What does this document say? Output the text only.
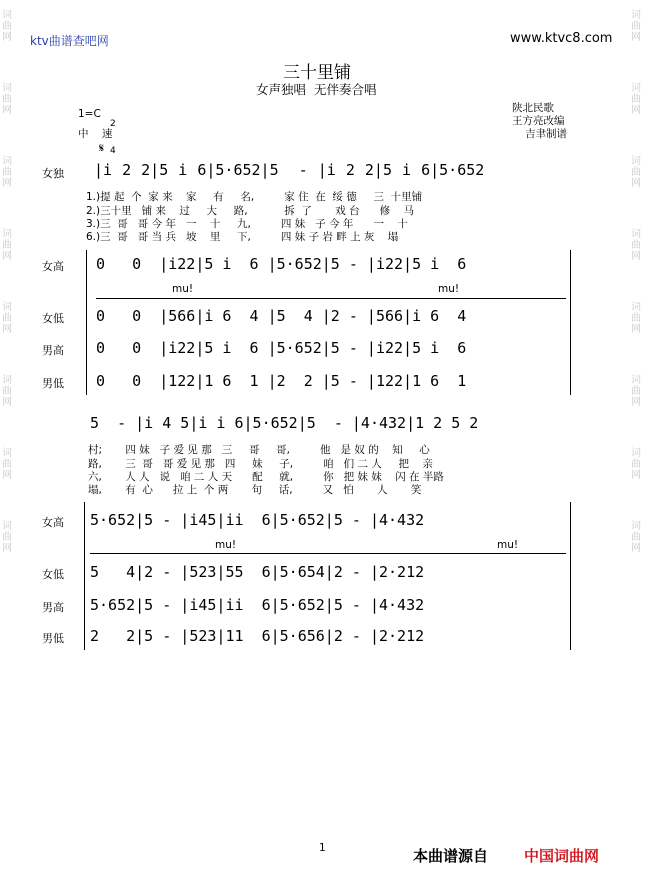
词曲网
词曲网
词曲网
词曲网
词曲网
词曲网
词曲网
词曲网
词曲网
词曲网
词曲网
词曲网
词曲网
词曲网
词曲网
词曲网
ktv曲谱查吧网	www.ktvc8.com
三十里铺
女声独唱  无伴奏合唱
1=C

2

4

中    速
𝄋
陕北民歌
王方亮改编
吉聿制谱
女独 |i 2 2|5 i 6|5·652|5  - |i 2 2|5 i 6|5·652
1.)提 起  个  家 来    家     有     名,         家 住  在  绥 德     三  十里铺
2.)三十里   铺 来    过     大     路,           拆  了       戏 台      修    马
3.)三  哥   哥 今 年   一    十     九,         四 妹   子 今 年      一    十
6.)三  哥   哥 当 兵   坡    里     下,         四 妹 子 岩 畔 上 灰    塌
女高 0   0  |i22|5 i  6 |5·652|5 - |i22|5 i  6
mu!	mu!
女低 0   0  |566|i 6  4 |5  4 |2 - |566|i 6  4
男高 0   0  |i22|5 i  6 |5·652|5 - |i22|5 i  6
男低 0   0  |122|1 6  1 |2  2 |5 - |122|1 6  1
5  - |i 4 5|i i 6|5·652|5  - |4·432|1 2 5 2
村;       四 妹   子 爱 见 那   三     哥     哥,         他   是 奴 的    知     心
路,       三  哥   哥 爱 见 那   四     妹     子,         咱   们 二 人     把    亲
六,       人 人   说   咱 二 人 天      配     就,         你   把 妹 妹    闪 在 半路
塌,       有  心      拉 上  个 两       句     话,         又   怕       人       笑
女高 5·652|5 - |i45|ii  6|5·652|5 - |4·432
mu!	mu!
女低 5   4|2 - |523|55  6|5·654|2 - |2·212
男高 5·652|5 - |i45|ii  6|5·652|5 - |4·432
男低 2   2|5 - |523|11  6|5·656|2 - |2·212
1	本曲谱源自 中国词曲网
